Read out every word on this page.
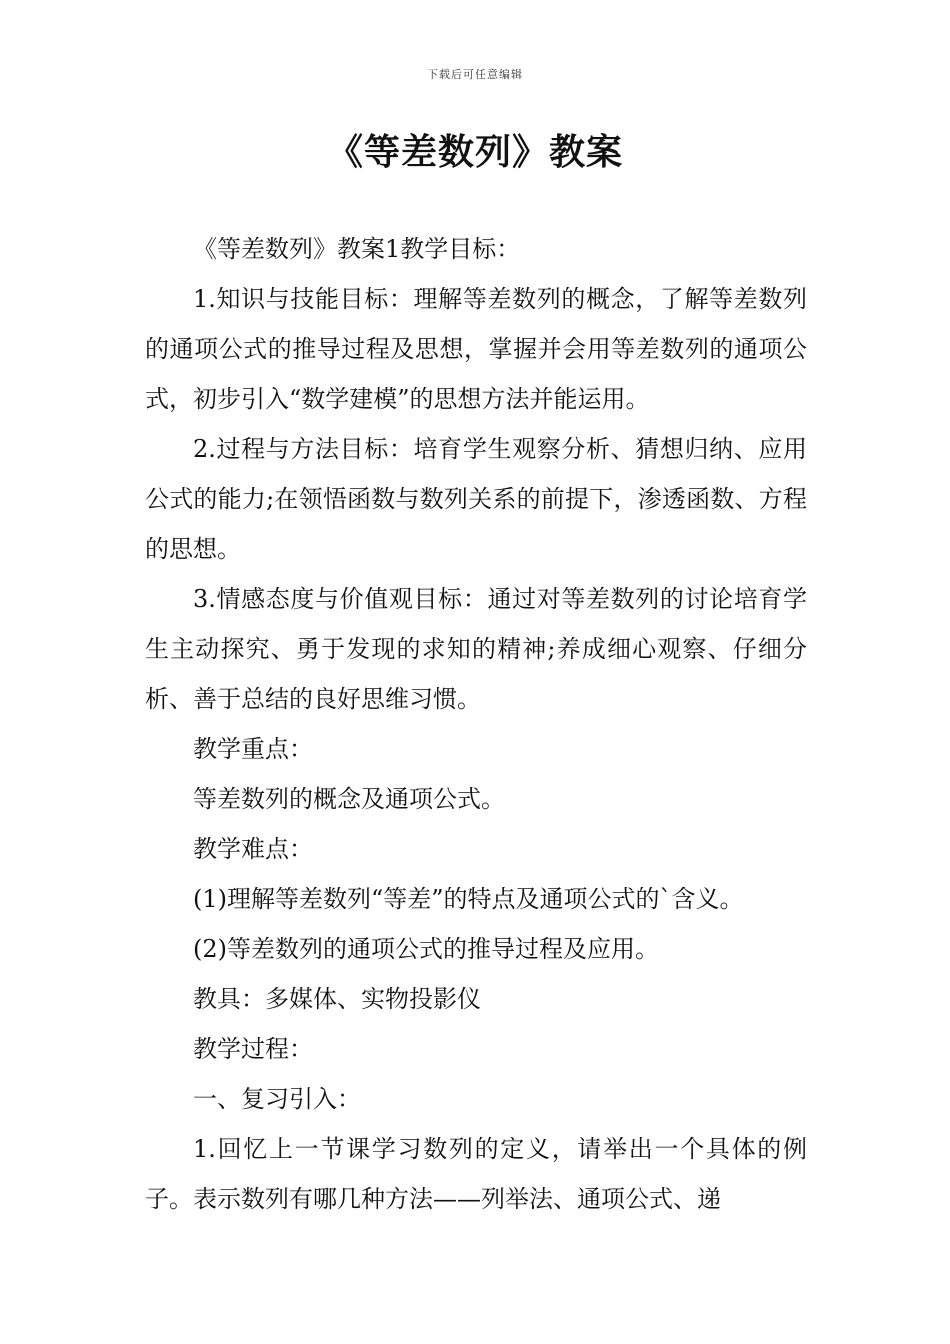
下载后可任意编辑
《等差数列》教案

《等差数列》教案1教学目标：

1.知识与技能目标：理解等差数列的概念，了解等差数列的通项公式的推导过程及思想，掌握并会用等差数列的通项公式，初步引入“数学建模”的思想方法并能运用。

2.过程与方法目标：培育学生观察分析、猜想归纳、应用公式的能力;在领悟函数与数列关系的前提下，渗透函数、方程的思想。

3.情感态度与价值观目标：通过对等差数列的讨论培育学生主动探究、勇于发现的求知的精神;养成细心观察、仔细分析、善于总结的良好思维习惯。

教学重点：

等差数列的概念及通项公式。

教学难点：

(1)理解等差数列“等差”的特点及通项公式的`含义。

(2)等差数列的通项公式的推导过程及应用。

教具：多媒体、实物投影仪

教学过程：

一、复习引入：

1.回忆上一节课学习数列的定义，请举出一个具体的例子。表示数列有哪几种方法——列举法、通项公式、递
